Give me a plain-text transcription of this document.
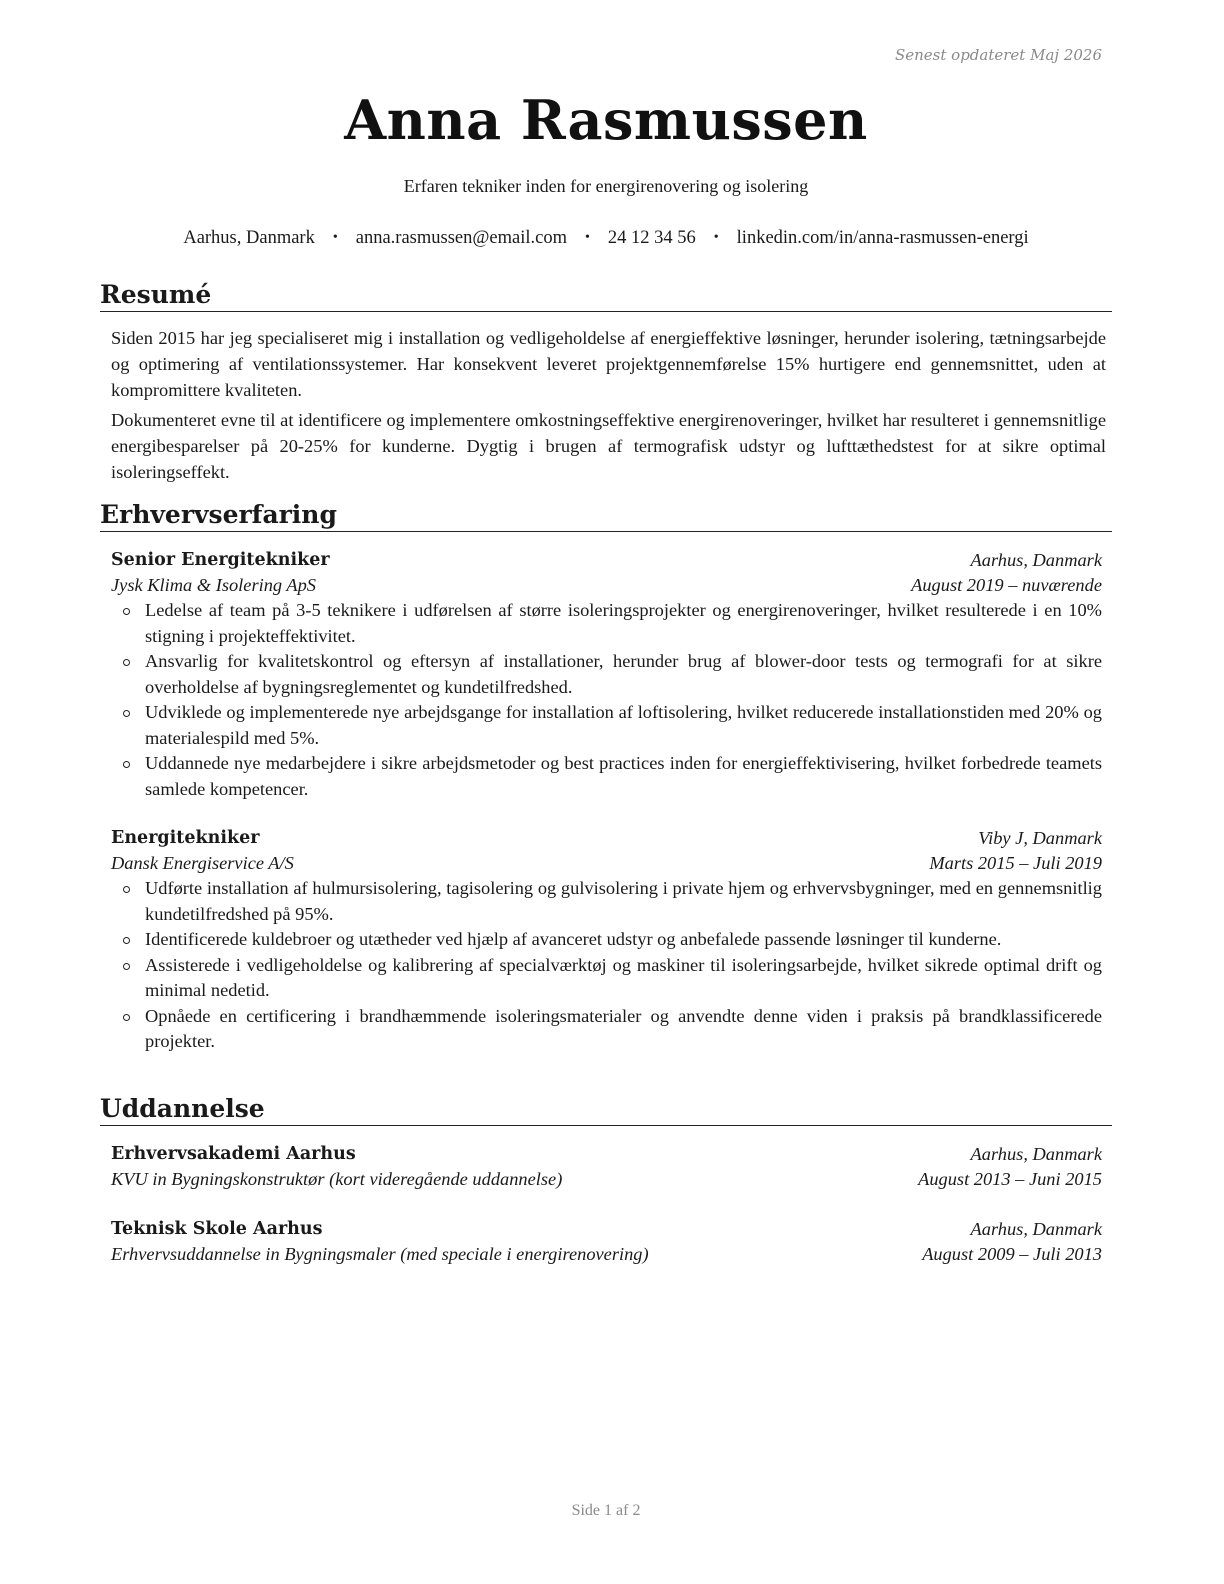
Senest opdateret Maj 2026
Anna Rasmussen
Erfaren tekniker inden for energirenovering og isolering
Aarhus, Danmark • anna.rasmussen@email.com • 24 12 34 56 • linkedin.com/in/anna-rasmussen-energi
Resumé
Siden 2015 har jeg specialiseret mig i installation og vedligeholdelse af energieffektive løsninger, herunder isolering, tætningsarbejde og optimering af ventilationssystemer. Har konsekvent leveret projektgennemførelse 15% hurtigere end gennemsnittet, uden at kompromittere kvaliteten.
Dokumenteret evne til at identificere og implementere omkostningseffektive energirenoveringer, hvilket har resulteret i gennemsnitlige energibesparelser på 20-25% for kunderne. Dygtig i brugen af termografisk udstyr og lufttæthedstest for at sikre optimal isoleringseffekt.
Erhvervserfaring
Senior Energitekniker	Aarhus, Danmark
Jysk Klima & Isolering ApS	August 2019 – nuværende
Ledelse af team på 3-5 teknikere i udførelsen af større isoleringsprojekter og energirenoveringer, hvilket resulterede i en 10% stigning i projekteffektivitet.
Ansvarlig for kvalitetskontrol og eftersyn af installationer, herunder brug af blower-door tests og termografi for at sikre overholdelse af bygningsreglementet og kundetilfredshed.
Udviklede og implementerede nye arbejdsgange for installation af loftisolering, hvilket reducerede installationstiden med 20% og materialespild med 5%.
Uddannede nye medarbejdere i sikre arbejdsmetoder og best practices inden for energieffektivisering, hvilket forbedrede teamets samlede kompetencer.
Energitekniker	Viby J, Danmark
Dansk Energiservice A/S	Marts 2015 – Juli 2019
Udførte installation af hulmursisolering, tagisolering og gulvisolering i private hjem og erhvervsbygninger, med en gennemsnitlig kundetilfredshed på 95%.
Identificerede kuldebroer og utætheder ved hjælp af avanceret udstyr og anbefalede passende løsninger til kunderne.
Assisterede i vedligeholdelse og kalibrering af specialværktøj og maskiner til isoleringsarbejde, hvilket sikrede optimal drift og minimal nedetid.
Opnåede en certificering i brandhæmmende isoleringsmaterialer og anvendte denne viden i praksis på brandklassificerede projekter.
Uddannelse
Erhvervsakademi Aarhus	Aarhus, Danmark
KVU in Bygningskonstruktør (kort videregående uddannelse)	August 2013 – Juni 2015
Teknisk Skole Aarhus	Aarhus, Danmark
Erhvervsuddannelse in Bygningsmaler (med speciale i energirenovering)	August 2009 – Juli 2013
Side 1 af 2
